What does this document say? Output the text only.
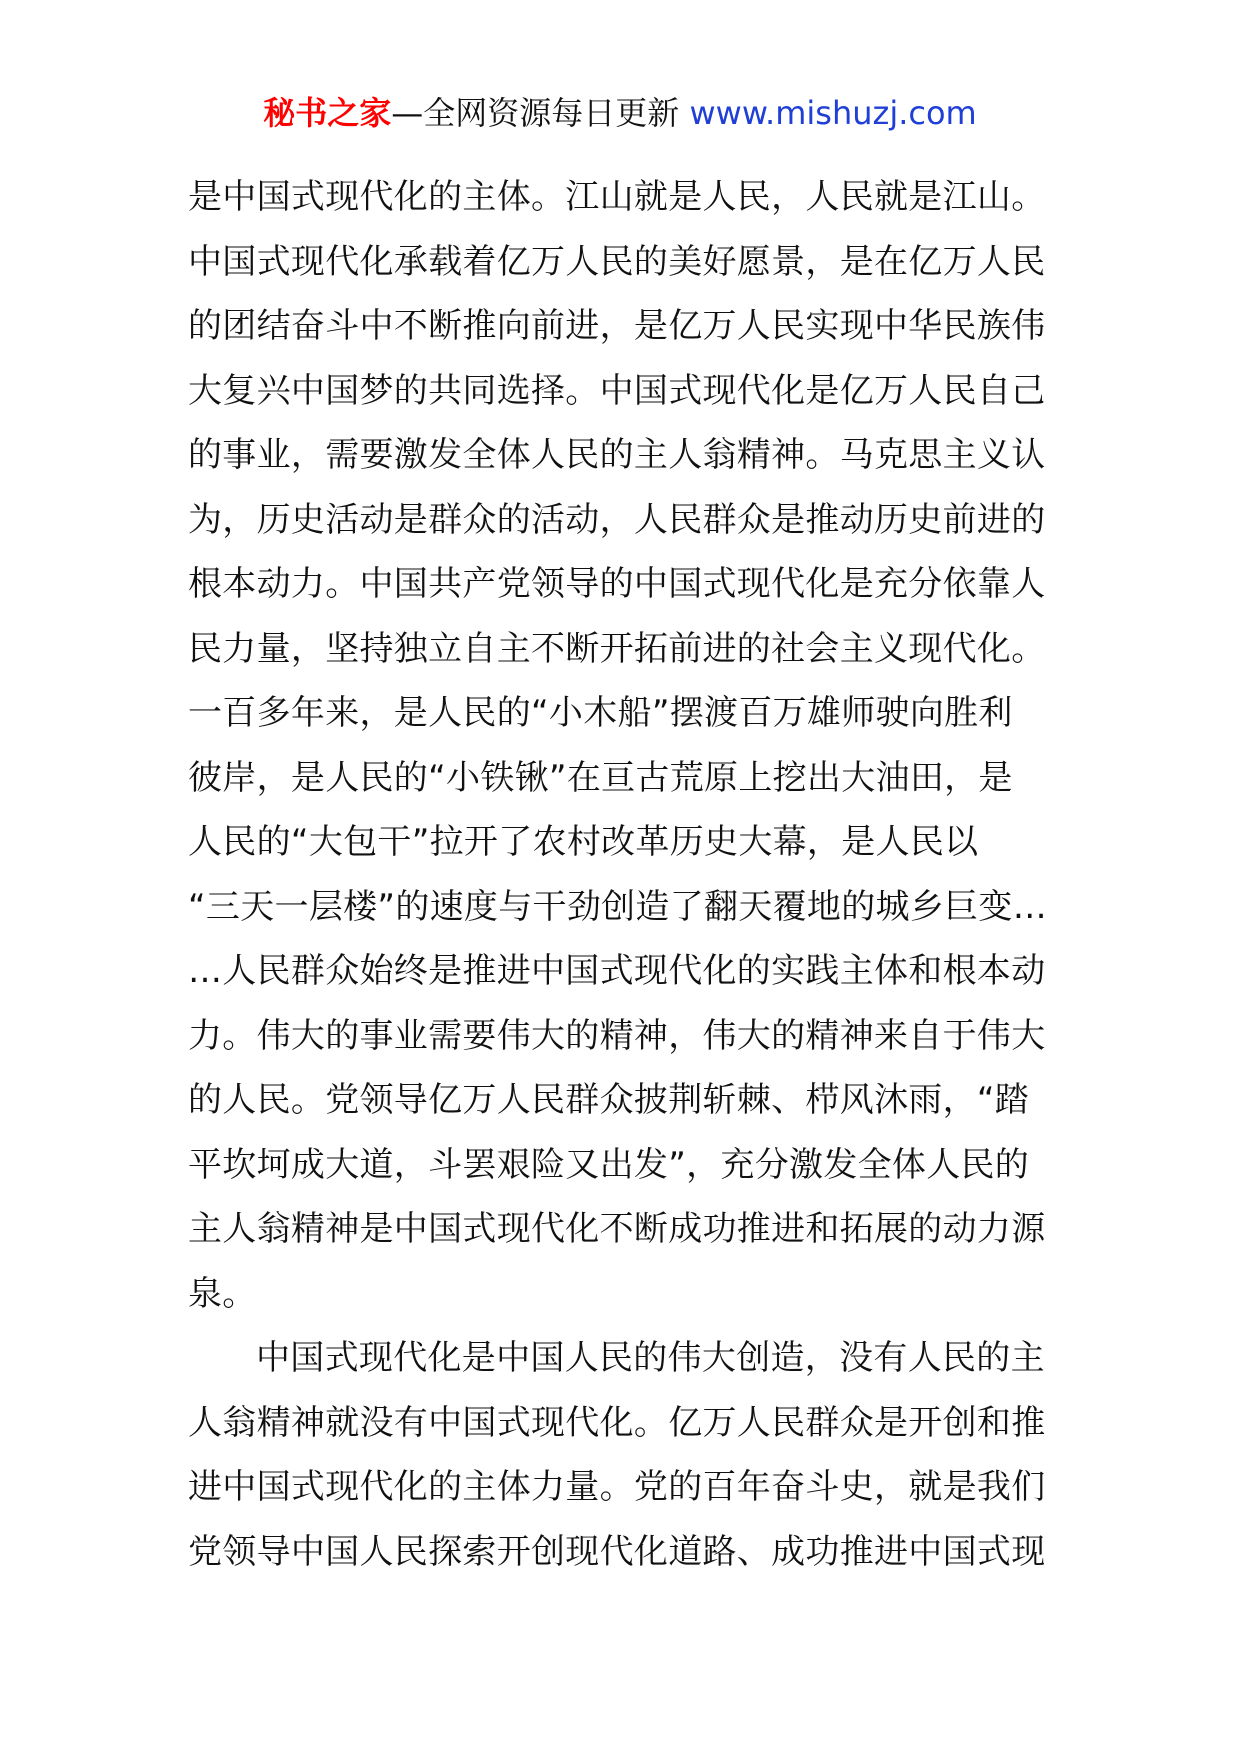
秘书之家—全网资源每日更新 www.mishuzj.com
是中国式现代化的主体。江山就是人民，人民就是江山。
中国式现代化承载着亿万人民的美好愿景，是在亿万人民
的团结奋斗中不断推向前进，是亿万人民实现中华民族伟
大复兴中国梦的共同选择。中国式现代化是亿万人民自己
的事业，需要激发全体人民的主人翁精神。马克思主义认
为，历史活动是群众的活动，人民群众是推动历史前进的
根本动力。中国共产党领导的中国式现代化是充分依靠人
民力量，坚持独立自主不断开拓前进的社会主义现代化。
一百多年来，是人民的“小木船”摆渡百万雄师驶向胜利
彼岸，是人民的“小铁锹”在亘古荒原上挖出大油田，是
人民的“大包干”拉开了农村改革历史大幕，是人民以
“三天一层楼”的速度与干劲创造了翻天覆地的城乡巨变…
…人民群众始终是推进中国式现代化的实践主体和根本动
力。伟大的事业需要伟大的精神，伟大的精神来自于伟大
的人民。党领导亿万人民群众披荆斩棘、栉风沐雨，“踏
平坎坷成大道，斗罢艰险又出发”，充分激发全体人民的
主人翁精神是中国式现代化不断成功推进和拓展的动力源
泉。
中国式现代化是中国人民的伟大创造，没有人民的主
人翁精神就没有中国式现代化。亿万人民群众是开创和推
进中国式现代化的主体力量。党的百年奋斗史，就是我们
党领导中国人民探索开创现代化道路、成功推进中国式现
